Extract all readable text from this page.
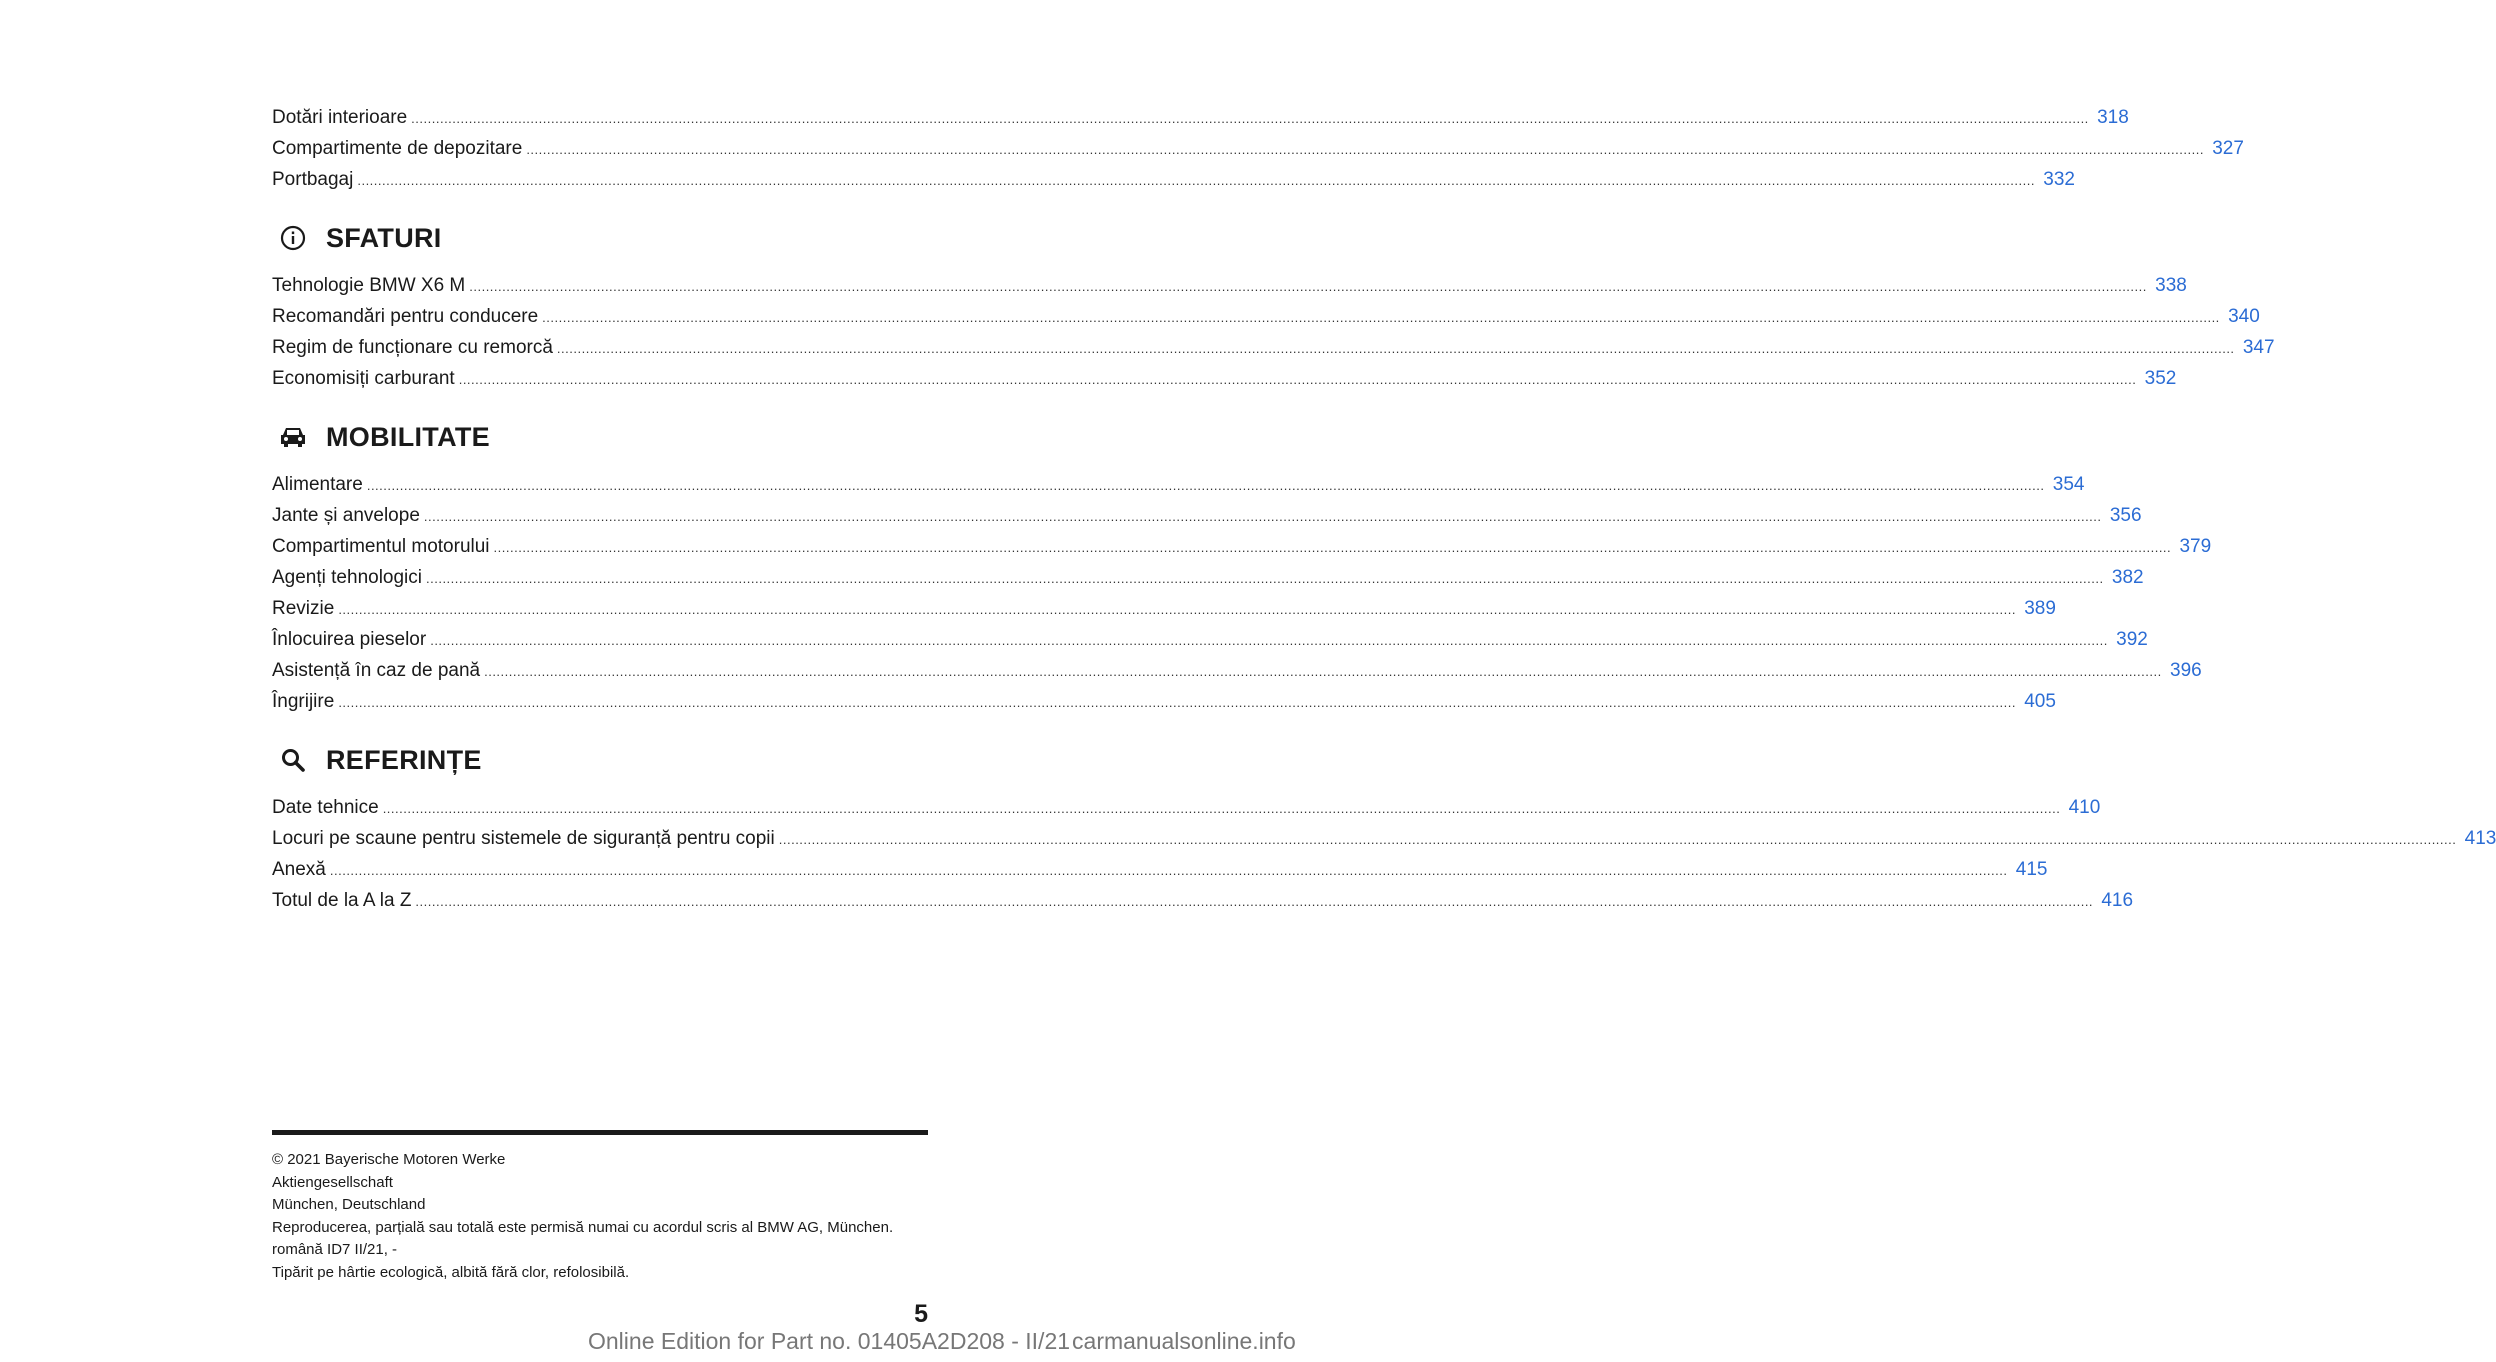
Dotări interioare .....	318
Compartimente de depozitare .....	327
Portbagaj .....	332
SFATURI
Tehnologie BMW X6 M .....	338
Recomandări pentru conducere .....	340
Regim de funcționare cu remorcă .....	347
Economisiți carburant .....	352
MOBILITATE
Alimentare .....	354
Jante și anvelope .....	356
Compartimentul motorului .....	379
Agenți tehnologici .....	382
Revizie .....	389
Înlocuirea pieselor .....	392
Asistență în caz de pană .....	396
Îngrijire .....	405
REFERINȚE
Date tehnice .....	410
Locuri pe scaune pentru sistemele de siguranță pentru copii .....	413
Anexă .....	415
Totul de la A la Z .....	416
© 2021 Bayerische Motoren Werke
Aktiengesellschaft
München, Deutschland
Reproducerea, parțială sau totală este permisă numai cu acordul scris al BMW AG, München.
română ID7 II/21, -
Tipărit pe hârtie ecologică, albită fără clor, refolosibilă.
5
Online Edition for Part no. 01405A2D208 - II/21carmanualsonline.info
